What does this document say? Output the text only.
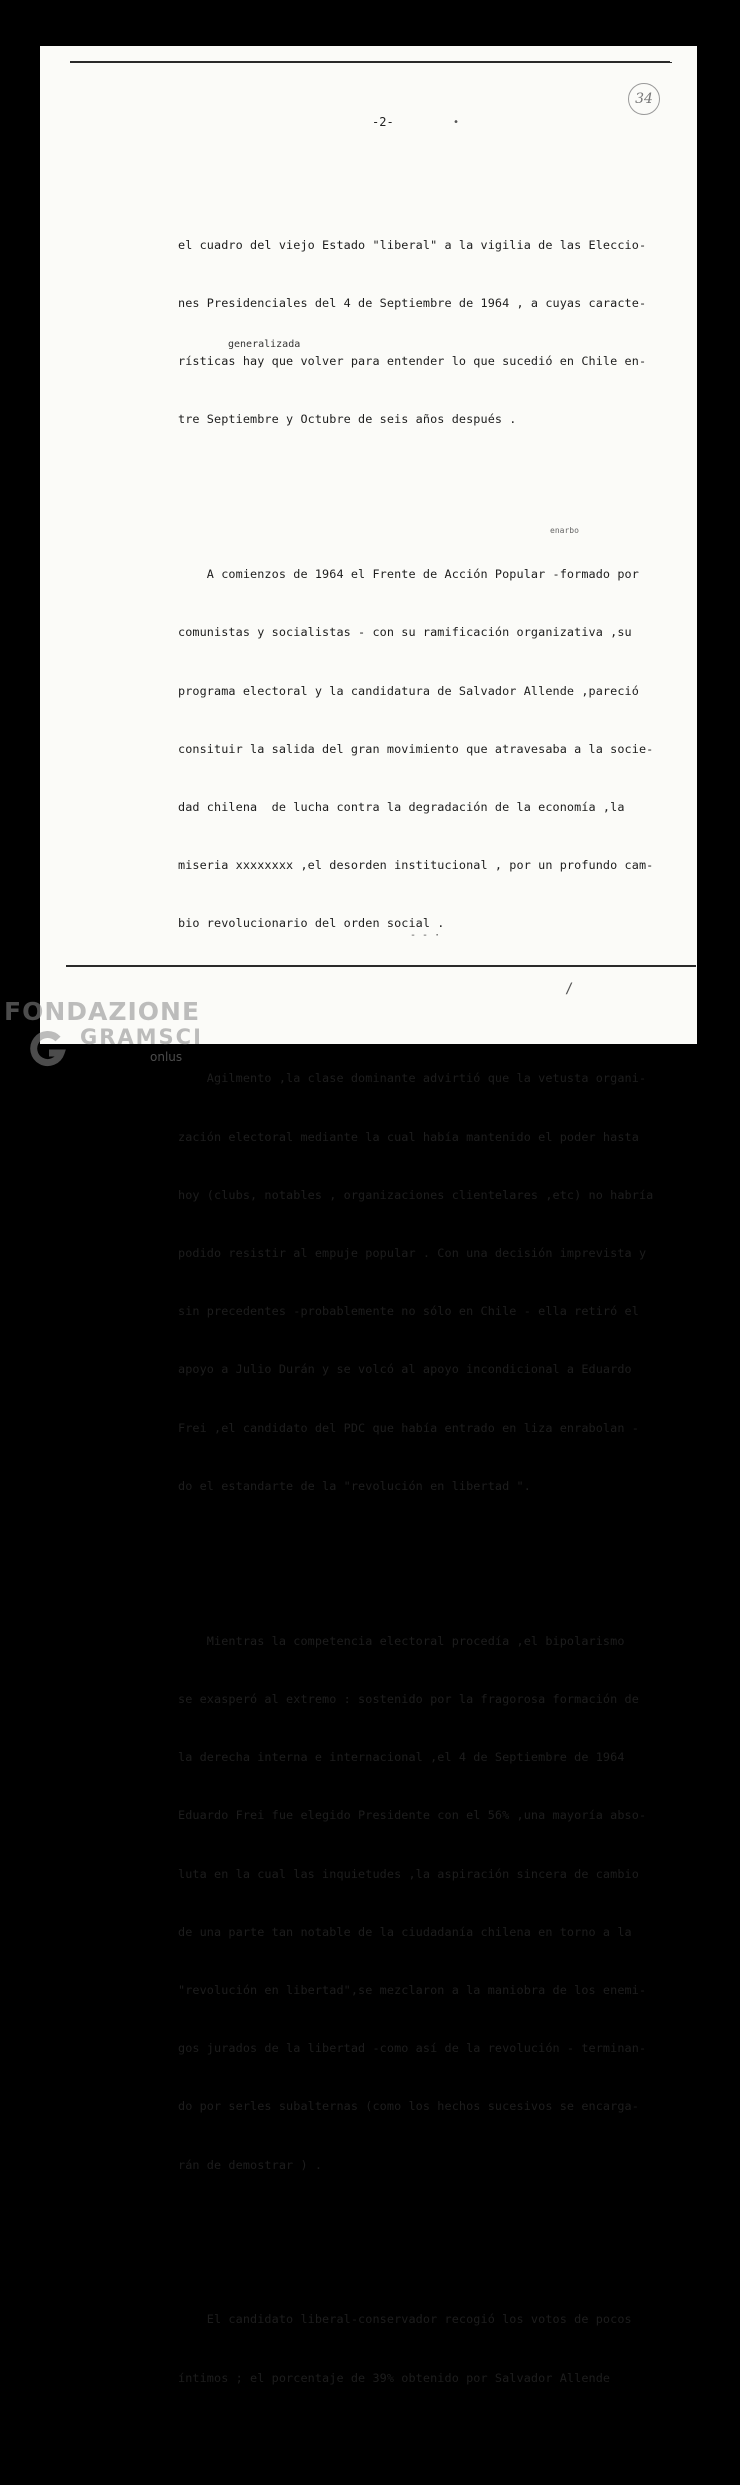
-2-
34

el cuadro del viejo Estado "liberal" a la vigilia de las Eleccio-

nes Presidenciales del 4 de Septiembre de 1964 , a cuyas caracte-

rísticas hay que volver para entender lo que sucedió en Chile en-

tre Septiembre y Octubre de seis años después .

A comienzos de 1964 el Frente de Acción Popular -formado por

comunistas y socialistas - con su ramificación organizativa ,su

programa electoral y la candidatura de Salvador Allende ,pareció

consituir la salida del gran movimiento que atravesaba a la socie-

dad chilena  de lucha contra la degradación de la economía ,la

miseria xxxxxxxx ,el desorden institucional , por un profundo cam-

bio revolucionario del orden social .

Agilmento ,la clase dominante advirtió que la vetusta organi-

zación electoral mediante la cual había mantenido el poder hasta

hoy (clubs, notables , organizaciones clientelares ,etc) no habría

podido resistir al empuje popular . Con una decisión imprevista y

sin precedentes -probablemente no sólo en Chile - ella retiró el

apoyo a Julio Durán y se volcó al apoyo incondicional a Eduardo

Frei ,el candidato del PDC que había entrado en liza enrabolan -

do el estandarte de la "revolución en libertad ".

Mientras la competencia electoral procedía ,el bipolarismo

se exasperó al extremo : sostenido por la fragorosa formación de

la derecha interna e internacional ,el 4 de Septiembre de 1964

Eduardo Frei fue elegido Presidente con el 56% ,una mayoría abso-

luta en la cual las inquietudes ,la aspiración sincera de cambio

de una parte tan notable de la ciudadanía chilena en torno a la

"revolución en libertad",se mezclaron a la maniobra de los enemi-

gos jurados de la libertad -como así de la revolución - terminan-

do por serles subalternas (como los hechos sucesivos se encarga-

rán de demostrar ) .

El candidato liberal-conservador recogió los votos de pocos

íntimos ; el porcentaje de 39% obtenido por Salvador Allende

generalizada
enarbo
•
- - ·
/
FONDAZIONE
GRAMSCI
onlus
